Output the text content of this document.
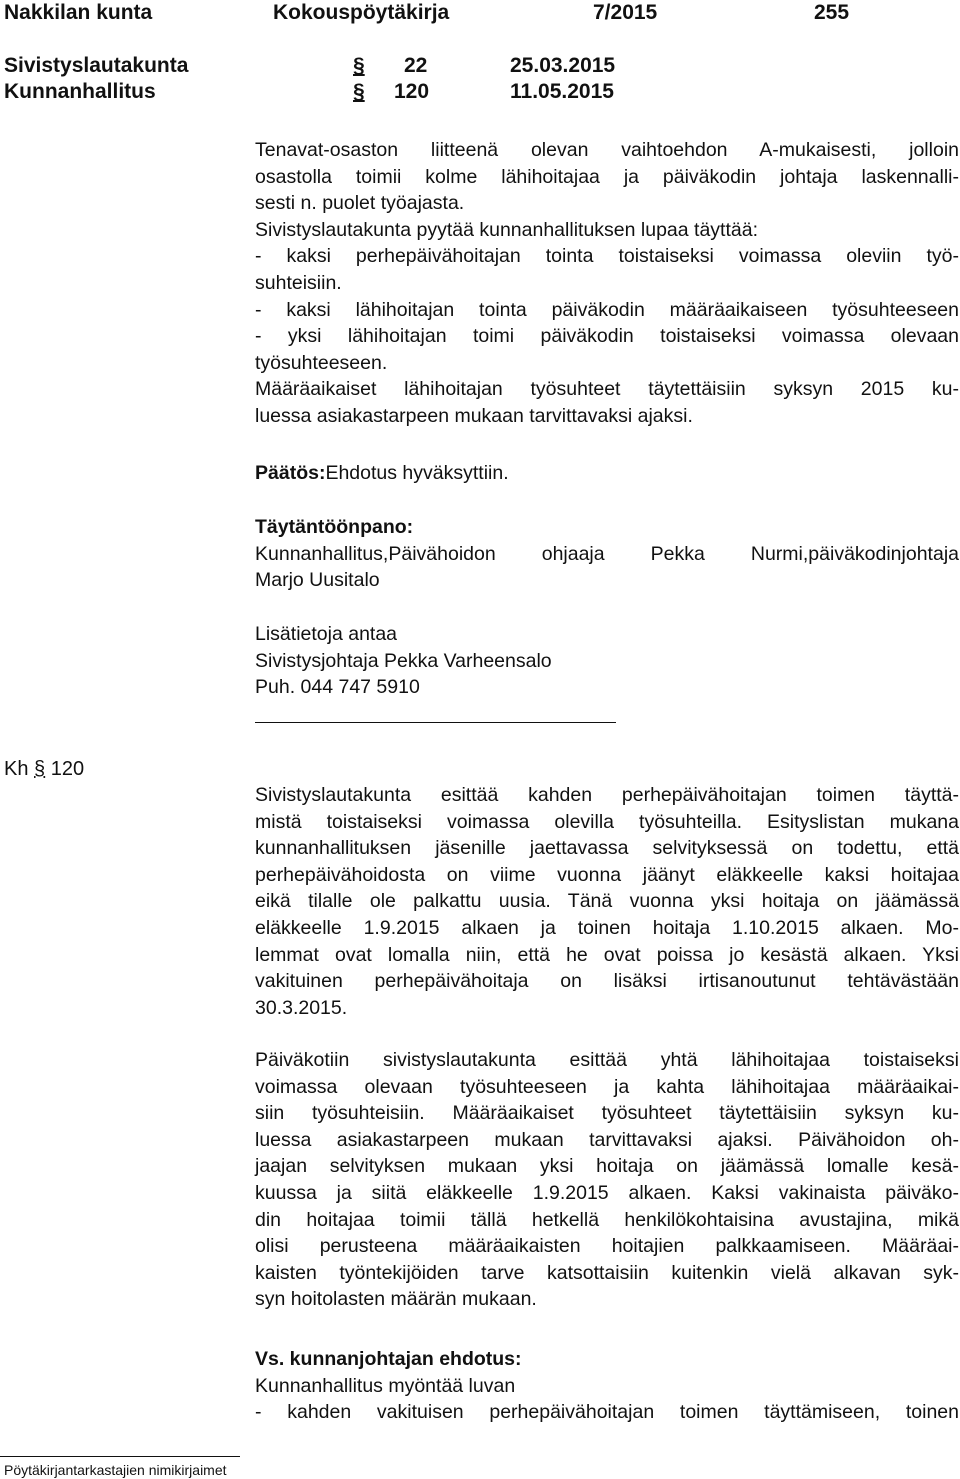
Nakkilan kunta	Kokouspöytäkirja	7/2015	255
Sivistyslautakunta	§ 22	25.03.2015
Kunnanhallitus	§ 120	11.05.2015
Tenavat-osaston liitteenä olevan vaihtoehdon A-mukaisesti, jolloin
osastolla toimii kolme lähihoitajaa ja päiväkodin johtaja laskennalli-
sesti n. puolet työajasta.
Sivistyslautakunta pyytää kunnanhallituksen lupaa täyttää:
- kaksi perhepäivähoitajan tointa toistaiseksi voimassa oleviin työ-
suhteisiin.
- kaksi lähihoitajan tointa päiväkodin määräaikaiseen työsuhteeseen
- yksi lähihoitajan toimi päiväkodin toistaiseksi voimassa olevaan
työsuhteeseen.
Määräaikaiset lähihoitajan työsuhteet täytettäisiin syksyn 2015 ku-
luessa asiakastarpeen mukaan tarvittavaksi ajaksi.
Päätös:Ehdotus hyväksyttiin.
Täytäntöönpano:
Kunnanhallitus,Päivähoidon ohjaaja Pekka Nurmi,päiväkodinjohtaja
Marjo Uusitalo
Lisätietoja antaa
Sivistysjohtaja Pekka Varheensalo
Puh. 044 747 5910
Kh § 120
Sivistyslautakunta esittää kahden perhepäivähoitajan toimen täyttä-
mistä toistaiseksi voimassa olevilla työsuhteilla. Esityslistan mukana
kunnanhallituksen jäsenille jaettavassa selvityksessä on todettu, että
perhepäivähoidosta on viime vuonna jäänyt eläkkeelle kaksi hoitajaa
eikä tilalle ole palkattu uusia. Tänä vuonna yksi hoitaja on jäämässä
eläkkeelle 1.9.2015 alkaen ja toinen hoitaja 1.10.2015 alkaen. Mo-
lemmat ovat lomalla niin, että he ovat poissa jo kesästä alkaen. Yksi
vakituinen perhepäivähoitaja on lisäksi irtisanoutunut tehtävästään
30.3.2015.
Päiväkotiin sivistyslautakunta esittää yhtä lähihoitajaa toistaiseksi
voimassa olevaan työsuhteeseen ja kahta lähihoitajaa määräaikai-
siin työsuhteisiin. Määräaikaiset työsuhteet täytettäisiin syksyn ku-
luessa asiakastarpeen mukaan tarvittavaksi ajaksi. Päivähoidon oh-
jaajan selvityksen mukaan yksi hoitaja on jäämässä lomalle kesä-
kuussa ja siitä eläkkeelle 1.9.2015 alkaen. Kaksi vakinaista päiväko-
din hoitajaa toimii tällä hetkellä henkilökohtaisina avustajina, mikä
olisi perusteena määräaikaisten hoitajien palkkaamiseen. Määräai-
kaisten työntekijöiden tarve katsottaisiin kuitenkin vielä alkavan syk-
syn hoitolasten määrän mukaan.
Vs. kunnanjohtajan ehdotus:
Kunnanhallitus myöntää luvan
- kahden vakituisen perhepäivähoitajan toimen täyttämiseen, toinen
Pöytäkirjantarkastajien nimikirjaimet
